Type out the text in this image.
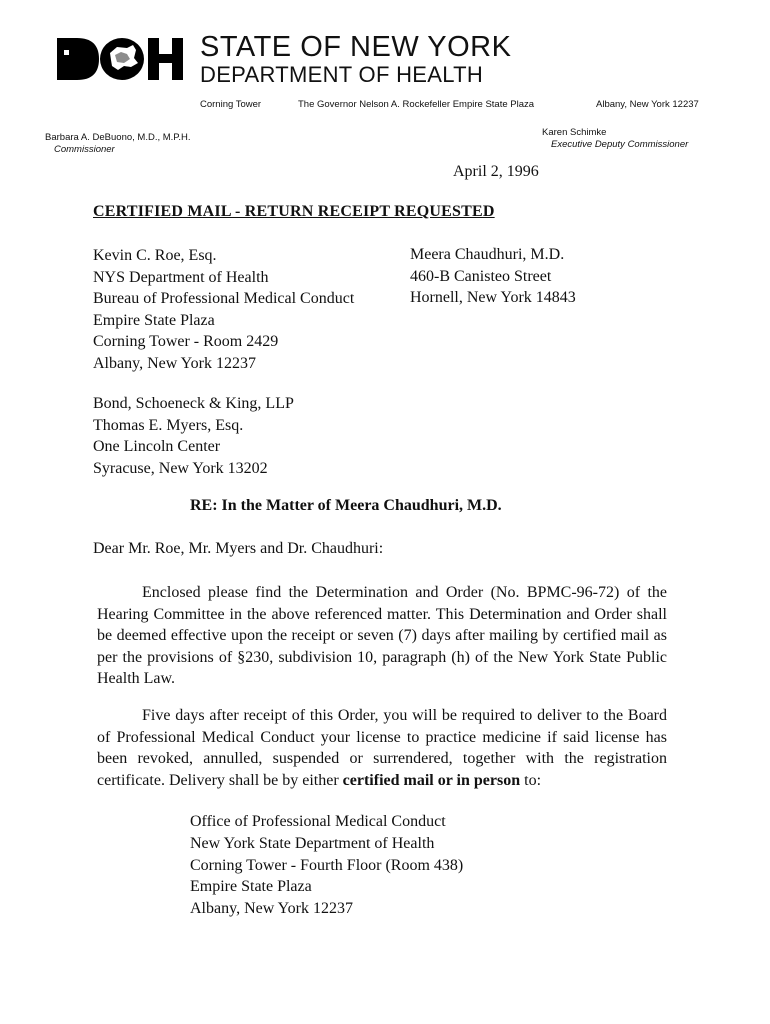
STATE OF NEW YORK
DEPARTMENT OF HEALTH
Corning Tower	The Governor Nelson A. Rockefeller Empire State Plaza	Albany, New York 12237
Barbara A. DeBuono, M.D., M.P.H.
Commissioner
Karen Schimke
Executive Deputy Commissioner
April 2, 1996
CERTIFIED MAIL - RETURN RECEIPT REQUESTED
Kevin C. Roe, Esq.
NYS Department of Health
Bureau of Professional Medical Conduct
Empire State Plaza
Corning Tower - Room 2429
Albany, New York 12237
Meera Chaudhuri, M.D.
460-B Canisteo Street
Hornell, New York 14843
Bond, Schoeneck & King, LLP
Thomas E. Myers, Esq.
One Lincoln Center
Syracuse, New York 13202
RE: In the Matter of Meera Chaudhuri, M.D.
Dear Mr. Roe, Mr. Myers and Dr. Chaudhuri:

Enclosed please find the Determination and Order (No. BPMC-96-72) of the Hearing Committee in the above referenced matter. This Determination and Order shall be deemed effective upon the receipt or seven (7) days after mailing by certified mail as per the provisions of §230, subdivision 10, paragraph (h) of the New York State Public Health Law.

Five days after receipt of this Order, you will be required to deliver to the Board of Professional Medical Conduct your license to practice medicine if said license has been revoked, annulled, suspended or surrendered, together with the registration certificate. Delivery shall be by either certified mail or in person to:

Office of Professional Medical Conduct
New York State Department of Health
Corning Tower - Fourth Floor (Room 438)
Empire State Plaza
Albany, New York 12237
